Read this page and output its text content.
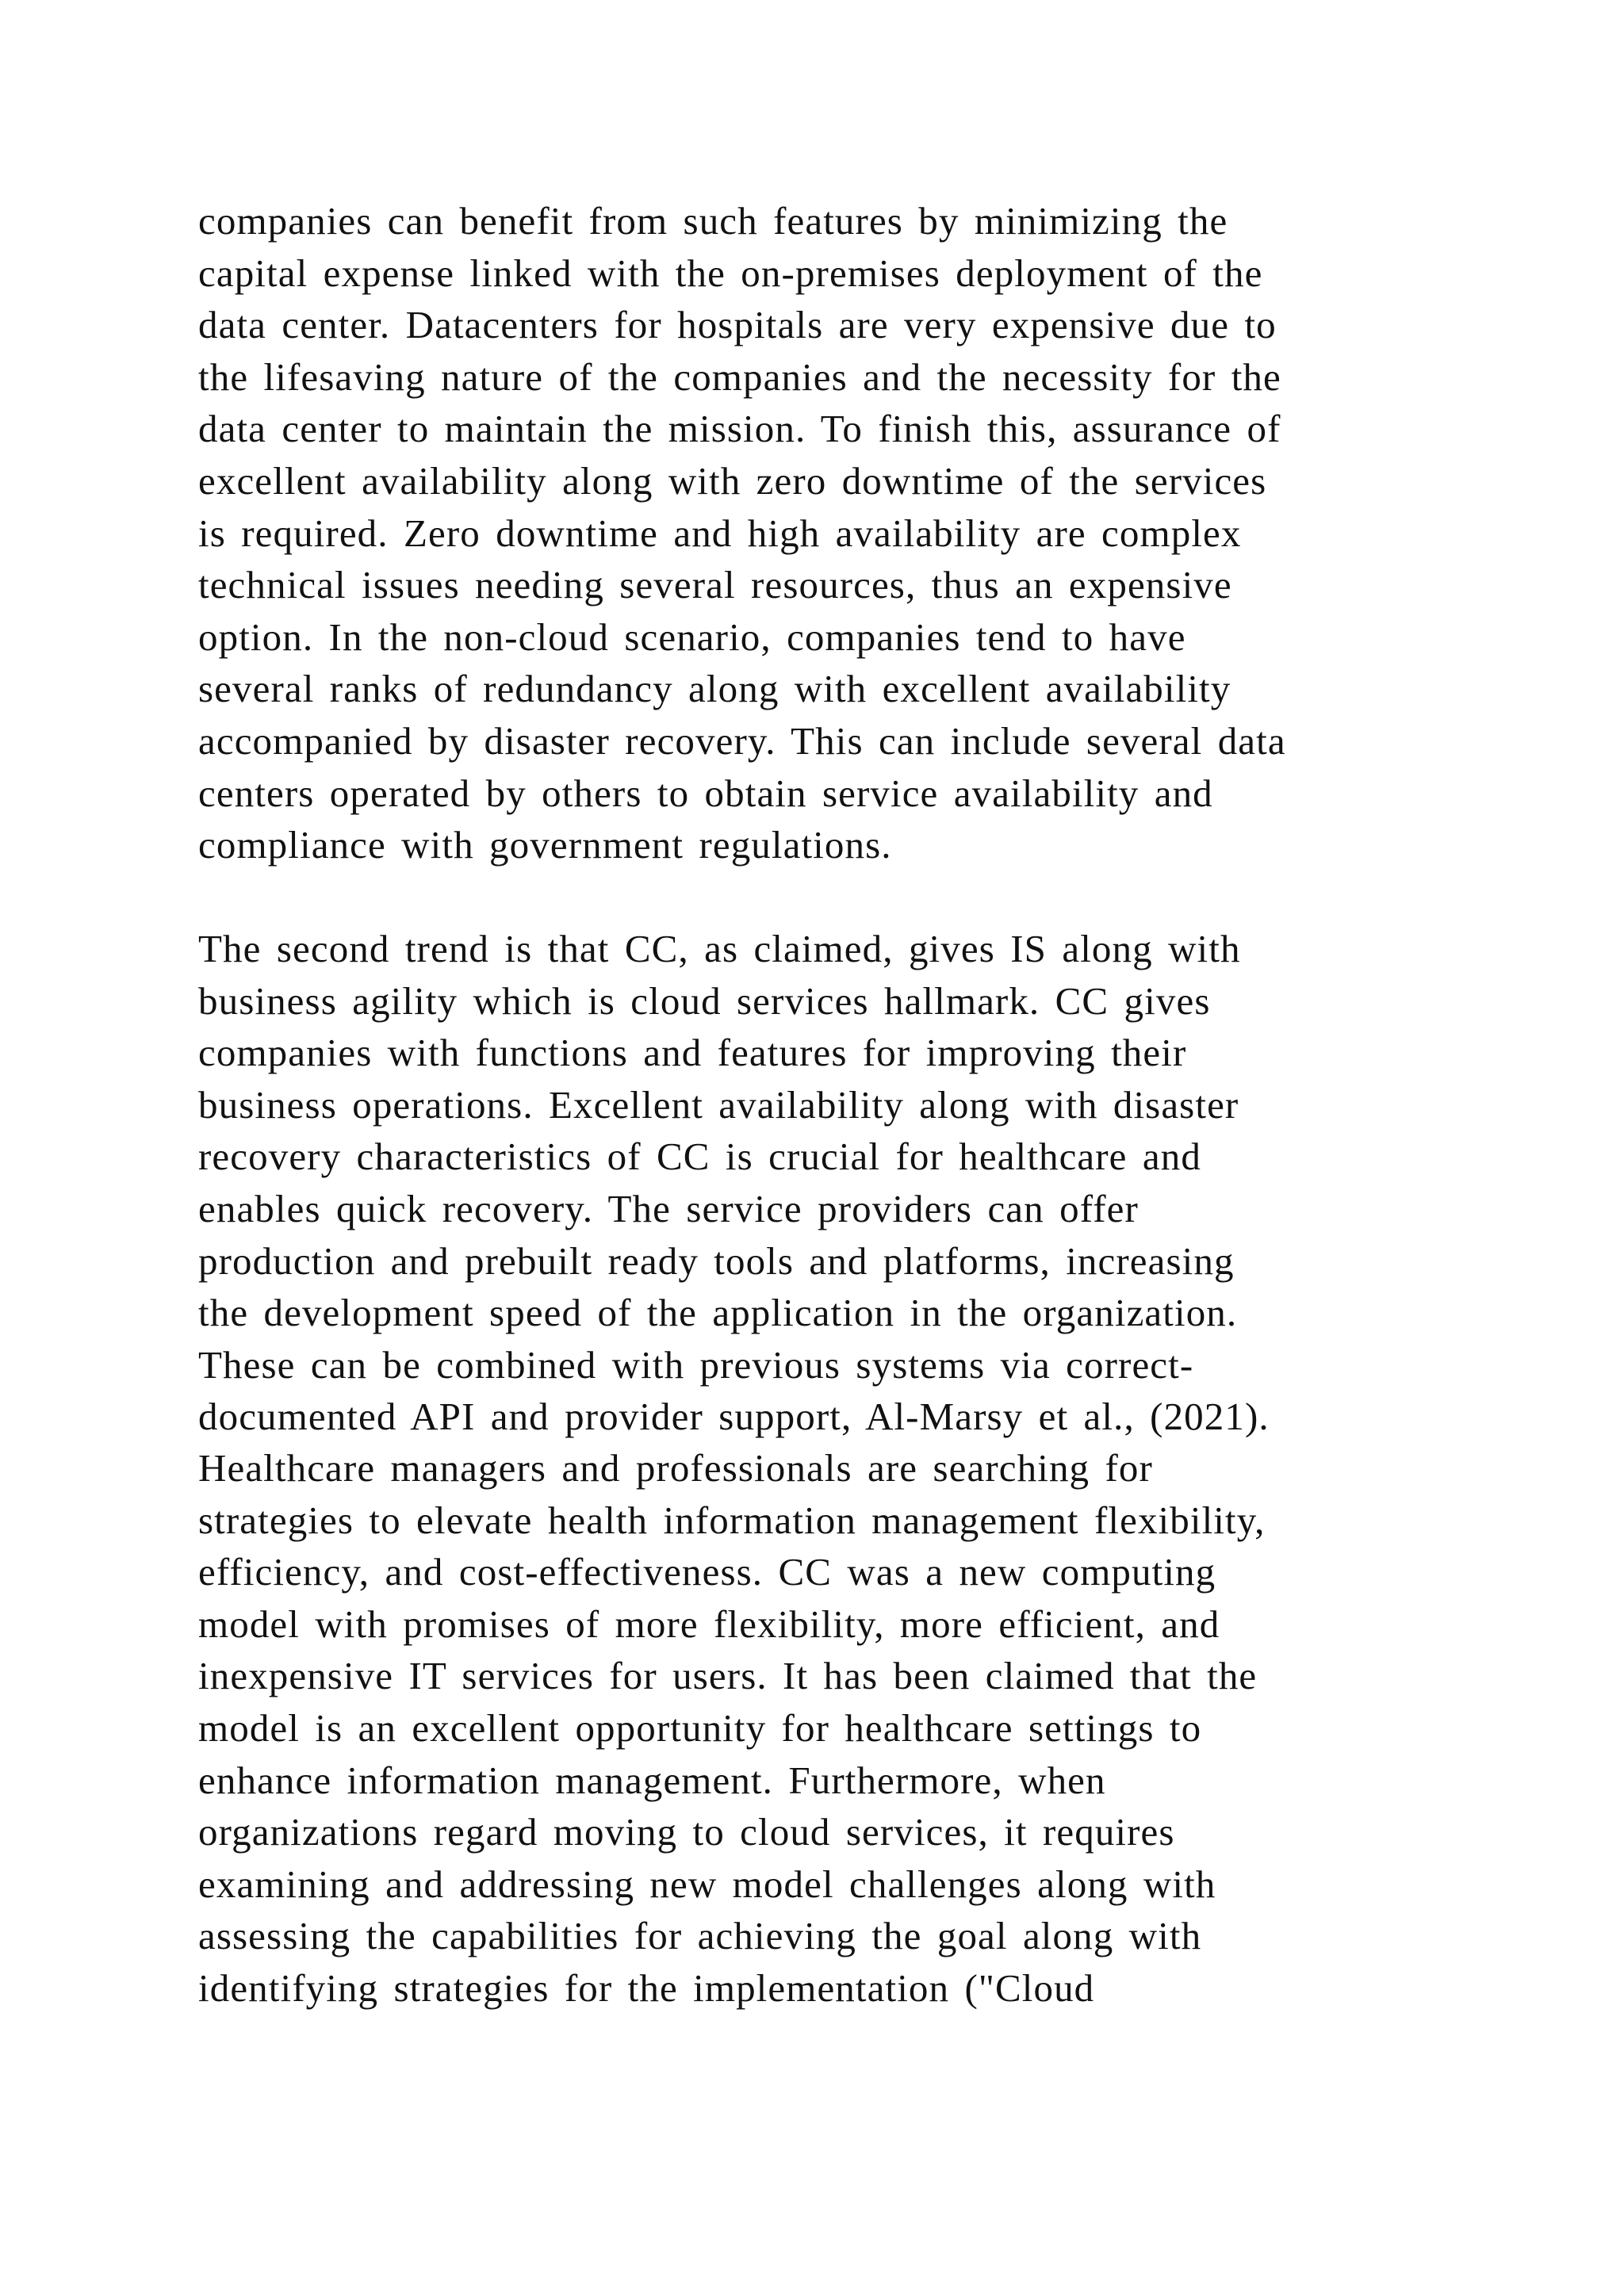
companies can benefit from such features by minimizing the
capital expense linked with the on-premises deployment of the
data center. Datacenters for hospitals are very expensive due to
the lifesaving nature of the companies and the necessity for the
data center to maintain the mission. To finish this, assurance of
excellent availability along with zero downtime of the services
is required. Zero downtime and high availability are complex
technical issues needing several resources, thus an expensive
option. In the non-cloud scenario, companies tend to have
several ranks of redundancy along with excellent availability
accompanied by disaster recovery. This can include several data
centers operated by others to obtain service availability and
compliance with government regulations.
The second trend is that CC, as claimed, gives IS along with
business agility which is cloud services hallmark. CC gives
companies with functions and features for improving their
business operations. Excellent availability along with disaster
recovery characteristics of CC is crucial for healthcare and
enables quick recovery. The service providers can offer
production and prebuilt ready tools and platforms, increasing
the development speed of the application in the organization.
These can be combined with previous systems via correct-
documented API and provider support, Al-Marsy et al., (2021).
Healthcare managers and professionals are searching for
strategies to elevate health information management flexibility,
efficiency, and cost-effectiveness. CC was a new computing
model with promises of more flexibility, more efficient, and
inexpensive IT services for users. It has been claimed that the
model is an excellent opportunity for healthcare settings to
enhance information management. Furthermore, when
organizations regard moving to cloud services, it requires
examining and addressing new model challenges along with
assessing the capabilities for achieving the goal along with
identifying strategies for the implementation ("Cloud
